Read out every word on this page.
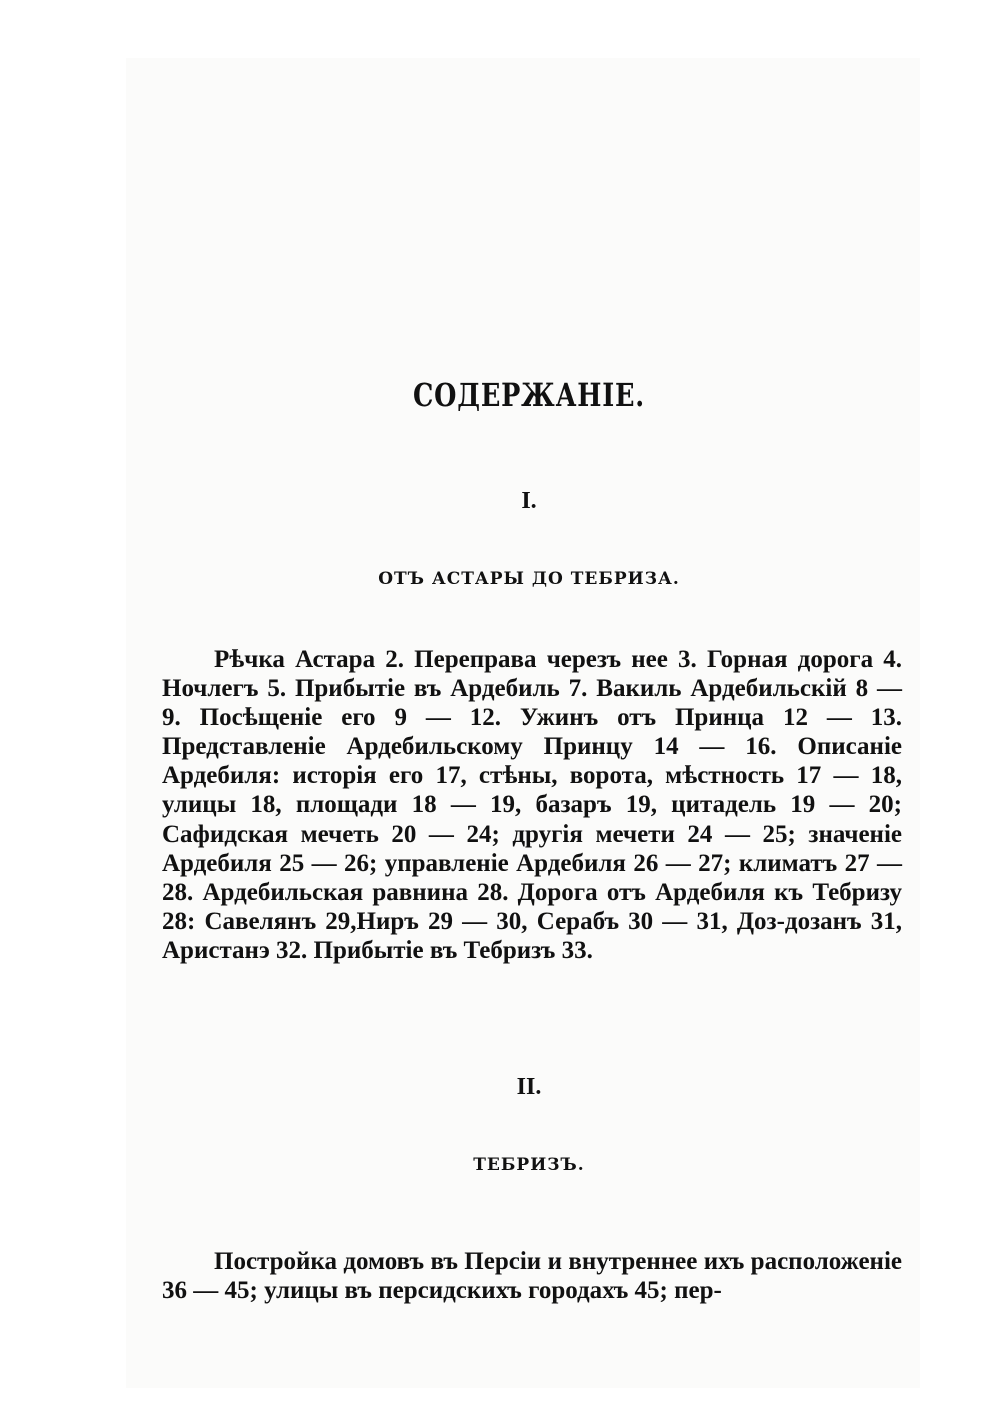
СОДЕРЖАНІЕ.
I.
ОТЪ АСТАРЫ ДО ТЕБРИЗА.
Рѣчка Астара 2. Переправа черезъ нее 3. Горная дорога 4. Ночлегъ 5. Прибытіе въ Ардебиль 7. Вакиль Ардебильскій 8 — 9. Посѣщеніе его 9 — 12. Ужинъ отъ Принца 12 — 13. Представленіе Ардебильскому Принцу 14 — 16. Описаніе Ардебиля: исторія его 17, стѣны, ворота, мѣстность 17 — 18, улицы 18, площади 18 — 19, базаръ 19, цитадель 19 — 20; Сафидская мечеть 20 — 24; другія мечети 24 — 25; значеніе Ардебиля 25 — 26; управленіе Ардебиля 26 — 27; климатъ 27 — 28. Ардебильская равнина 28. Дорога отъ Ардебиля къ Тебризу 28: Савелянъ 29,Ниръ 29 — 30, Серабъ 30 — 31, Доз-дозанъ 31, Аристанэ 32. Прибытіе въ Тебризъ 33.
II.
ТЕБРИЗЪ.
Постройка домовъ въ Персіи и внутреннее ихъ расположеніе 36 — 45; улицы въ персидскихъ городахъ 45; пер-
